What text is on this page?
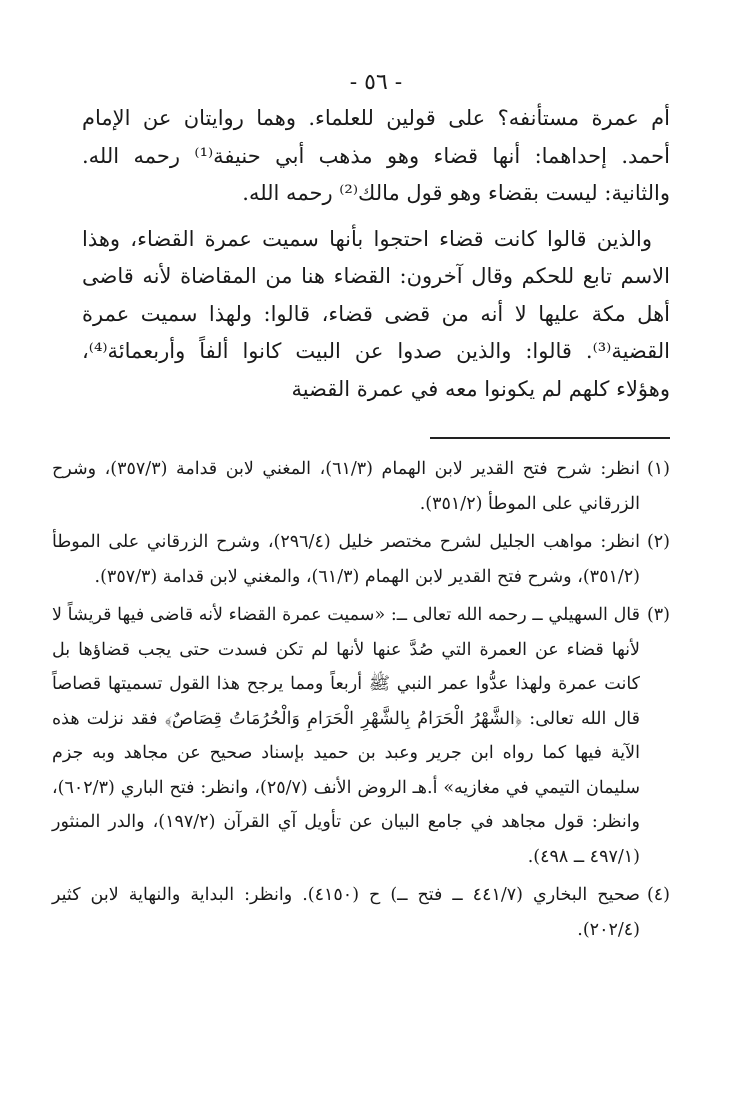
- ٥٦ -

أم عمرة مستأنفه؟ على قولين للعلماء. وهما روايتان عن الإمام أحمد. إحداهما: أنها قضاء وهو مذهب أبي حنيفة⁽¹⁾ رحمه الله. والثانية: ليست بقضاء وهو قول مالك⁽²⁾ رحمه الله.

والذين قالوا كانت قضاء احتجوا بأنها سميت عمرة القضاء، وهذا الاسم تابع للحكم وقال آخرون: القضاء هنا من المقاضاة لأنه قاضى أهل مكة عليها لا أنه من قضى قضاء، قالوا: ولهذا سميت عمرة القضية⁽³⁾. قالوا: والذين صدوا عن البيت كانوا ألفاً وأربعمائة⁽⁴⁾، وهؤلاء كلهم لم يكونوا معه في عمرة القضية

(١)
انظر: شرح فتح القدير لابن الهمام (٦١/٣)، المغني لابن قدامة (٣٥٧/٣)، وشرح الزرقاني على الموطأ (٣٥١/٢).
(٢)
انظر: مواهب الجليل لشرح مختصر خليل (٢٩٦/٤)، وشرح الزرقاني على الموطأ (٣٥١/٢)، وشرح فتح القدير لابن الهمام (٦١/٣)، والمغني لابن قدامة (٣٥٧/٣).
(٣)
قال السهيلي ــ رحمه الله تعالى ــ: «سميت عمرة القضاء لأنه قاضى فيها قريشاً لا لأنها قضاء عن العمرة التي صُدَّ عنها لأنها لم تكن فسدت حتى يجب قضاؤها بل كانت عمرة ولهذا عدُّوا عمر النبي ﷺ أربعاً ومما يرجح هذا القول تسميتها قصاصاً قال الله تعالى: ﴿الشَّهْرُ الْحَرَامُ بِالشَّهْرِ الْحَرَامِ وَالْحُرُمَاتُ قِصَاصٌ﴾ فقد نزلت هذه الآية فيها كما رواه ابن جرير وعبد بن حميد بإسناد صحيح عن مجاهد وبه جزم سليمان التيمي في مغازيه» أ.هـ الروض الأنف (٢٥/٧)، وانظر: فتح الباري (٦٠٢/٣)، وانظر: قول مجاهد في جامع البيان عن تأويل آي القرآن (١٩٧/٢)، والدر المنثور (٤٩٧/١ ــ ٤٩٨).
(٤)
صحيح البخاري (٤٤١/٧ ــ فتح ــ) ح (٤١٥٠). وانظر: البداية والنهاية لابن كثير (٢٠٢/٤).
